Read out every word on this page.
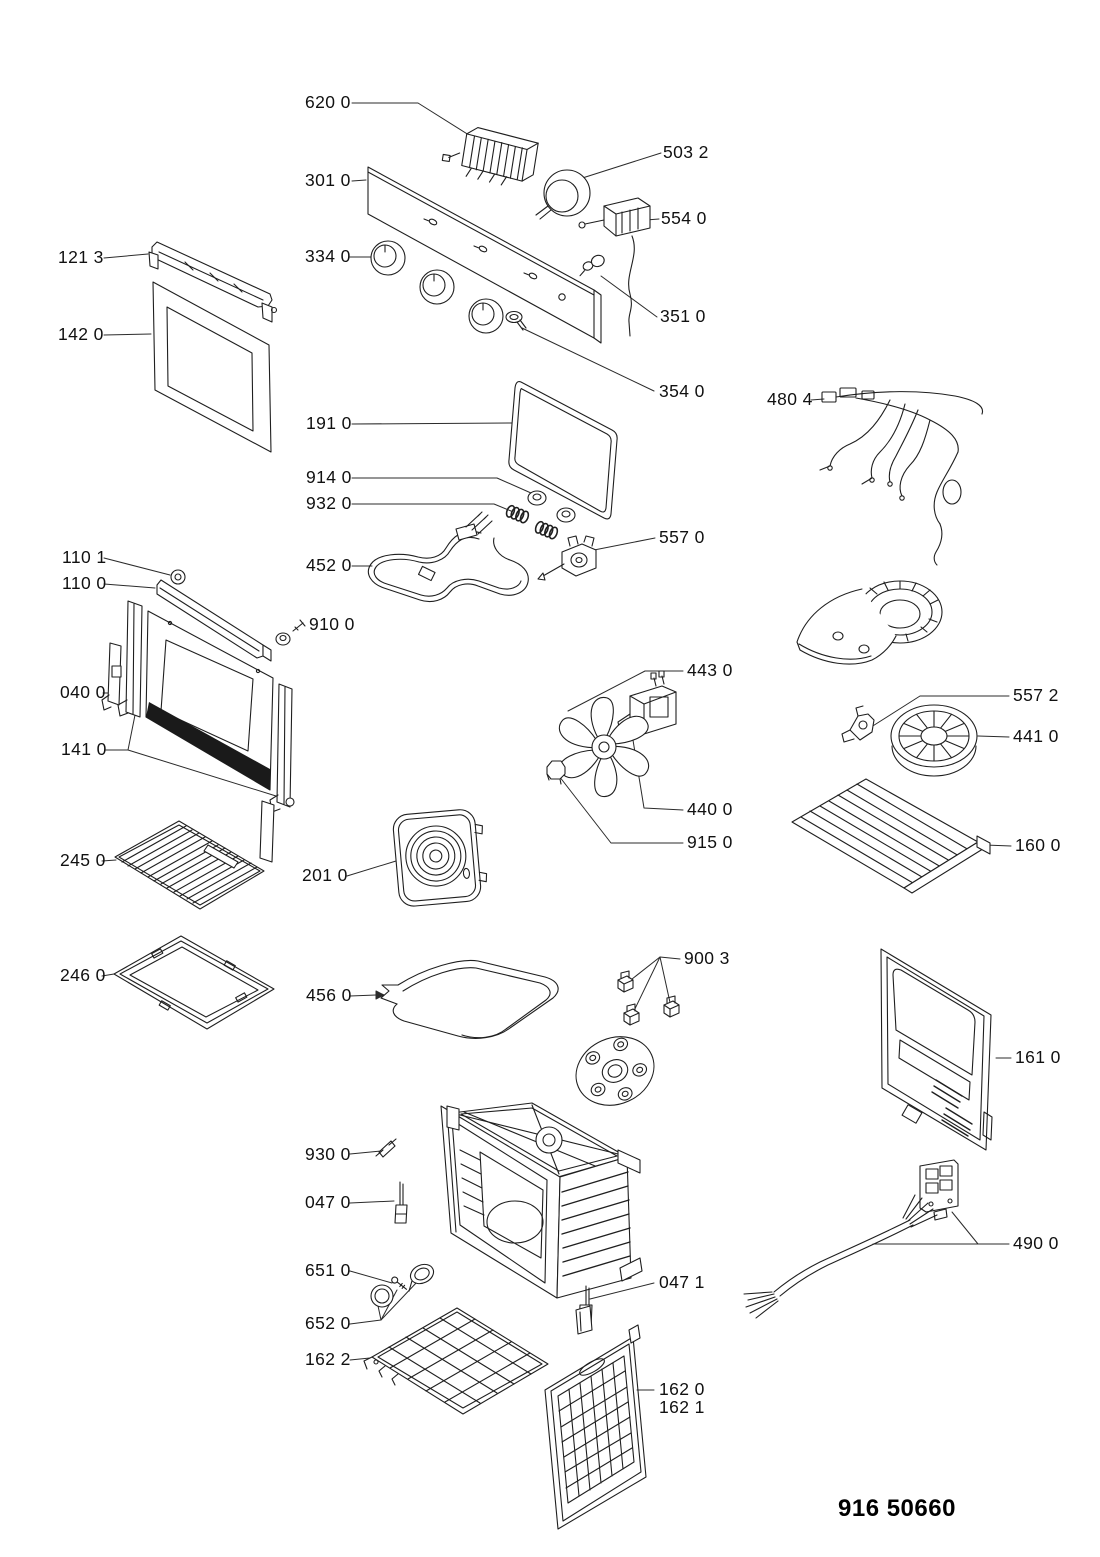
620 0
301 0
334 0
503 2
554 0
351 0
354 0
121 3
142 0
191 0
914 0
932 0
452 0
557 0
910 0
480 4
110 1
110 0
040 0
141 0
443 0
557 2
441 0
440 0
915 0
245 0
201 0
160 0
246 0
456 0
900 3
161 0
930 0
047 0
651 0
652 0
047 1
490 0
162 2
162 0
162 1
916 50660
